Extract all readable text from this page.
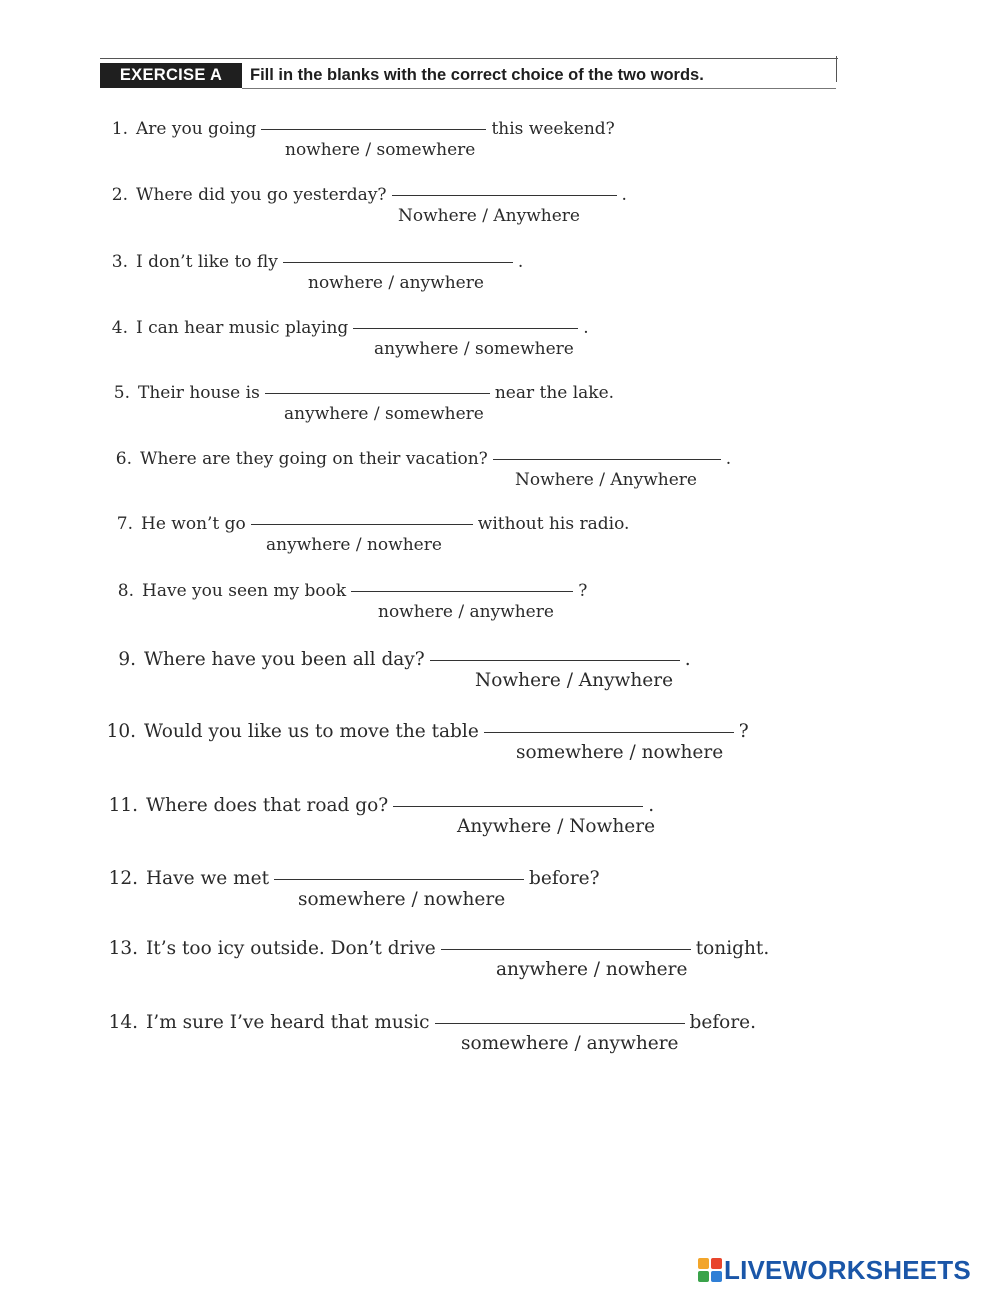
EXERCISE A	Fill in the blanks with the correct choice of the two words.
1. Are you going	this weekend?
nowhere / somewhere
2. Where did you go yesterday?	.
Nowhere / Anywhere
3. I don’t like to fly	.
nowhere / anywhere
4. I can hear music playing	.
anywhere / somewhere
5. Their house is	near the lake.
anywhere / somewhere
6. Where are they going on their vacation?	.
Nowhere / Anywhere
7. He won’t go	without his radio.
anywhere / nowhere
8. Have you seen my book	?
nowhere / anywhere
9. Where have you been all day?	.
Nowhere / Anywhere
10. Would you like us to move the table	?
somewhere / nowhere
11. Where does that road go?	.
Anywhere / Nowhere
12. Have we met	before?
somewhere / nowhere
13. It’s too icy outside. Don’t drive	tonight.
anywhere / nowhere
14. I’m sure I’ve heard that music	before.
somewhere / anywhere
LIVEWORKSHEETS
